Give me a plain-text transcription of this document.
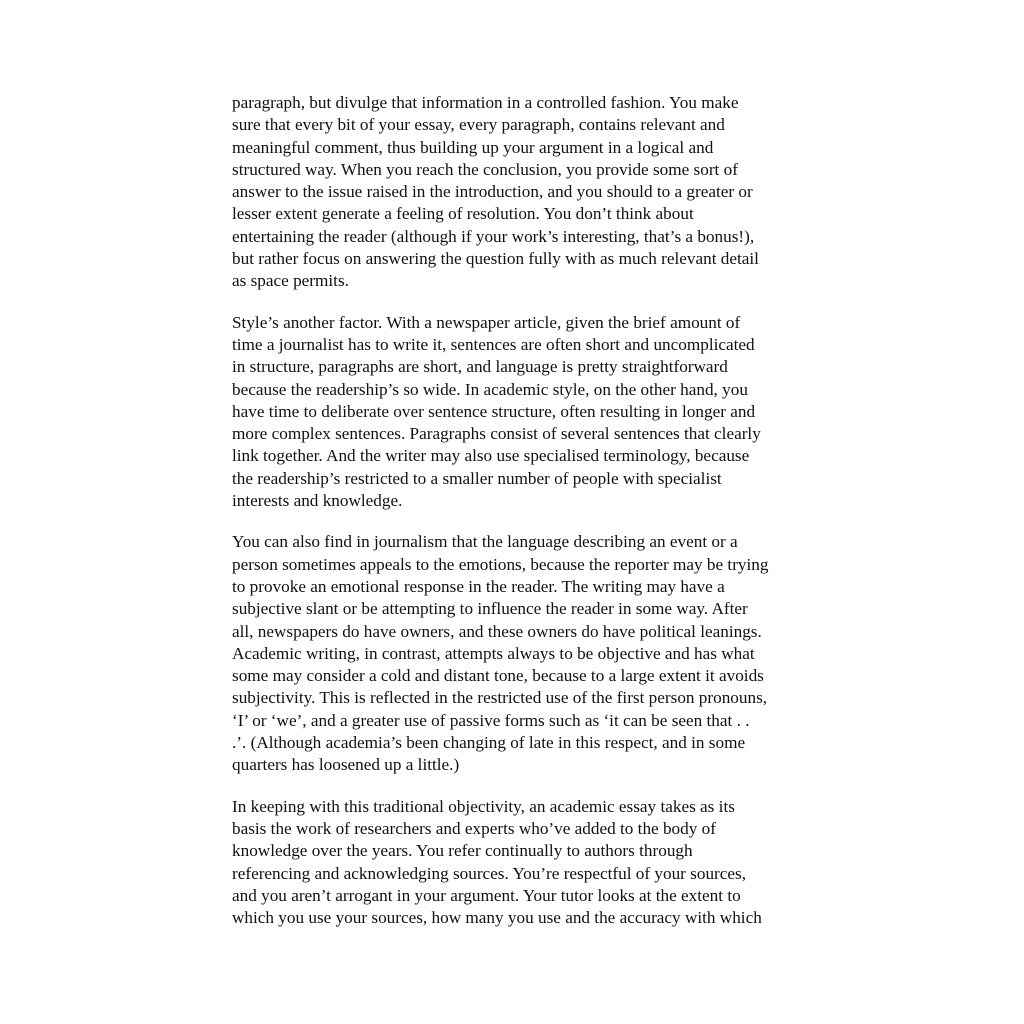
paragraph, but divulge that information in a controlled fashion. You make
sure that every bit of your essay, every paragraph, contains relevant and
meaningful comment, thus building up your argument in a logical and
structured way. When you reach the conclusion, you provide some sort of
answer to the issue raised in the introduction, and you should to a greater or
lesser extent generate a feeling of resolution. You don’t think about
entertaining the reader (although if your work’s interesting, that’s a bonus!),
but rather focus on answering the question fully with as much relevant detail
as space permits.

Style’s another factor. With a newspaper article, given the brief amount of
time a journalist has to write it, sentences are often short and uncomplicated
in structure, paragraphs are short, and language is pretty straightforward
because the readership’s so wide. In academic style, on the other hand, you
have time to deliberate over sentence structure, often resulting in longer and
more complex sentences. Paragraphs consist of several sentences that clearly
link together. And the writer may also use specialised terminology, because
the readership’s restricted to a smaller number of people with specialist
interests and knowledge.

You can also find in journalism that the language describing an event or a
person sometimes appeals to the emotions, because the reporter may be trying
to provoke an emotional response in the reader. The writing may have a
subjective slant or be attempting to influence the reader in some way. After
all, newspapers do have owners, and these owners do have political leanings.
Academic writing, in contrast, attempts always to be objective and has what
some may consider a cold and distant tone, because to a large extent it avoids
subjectivity. This is reflected in the restricted use of the first person pronouns,
‘I’ or ‘we’, and a greater use of passive forms such as ‘it can be seen that . .
.’. (Although academia’s been changing of late in this respect, and in some
quarters has loosened up a little.)

In keeping with this traditional objectivity, an academic essay takes as its
basis the work of researchers and experts who’ve added to the body of
knowledge over the years. You refer continually to authors through
referencing and acknowledging sources. You’re respectful of your sources,
and you aren’t arrogant in your argument. Your tutor looks at the extent to
which you use your sources, how many you use and the accuracy with which
